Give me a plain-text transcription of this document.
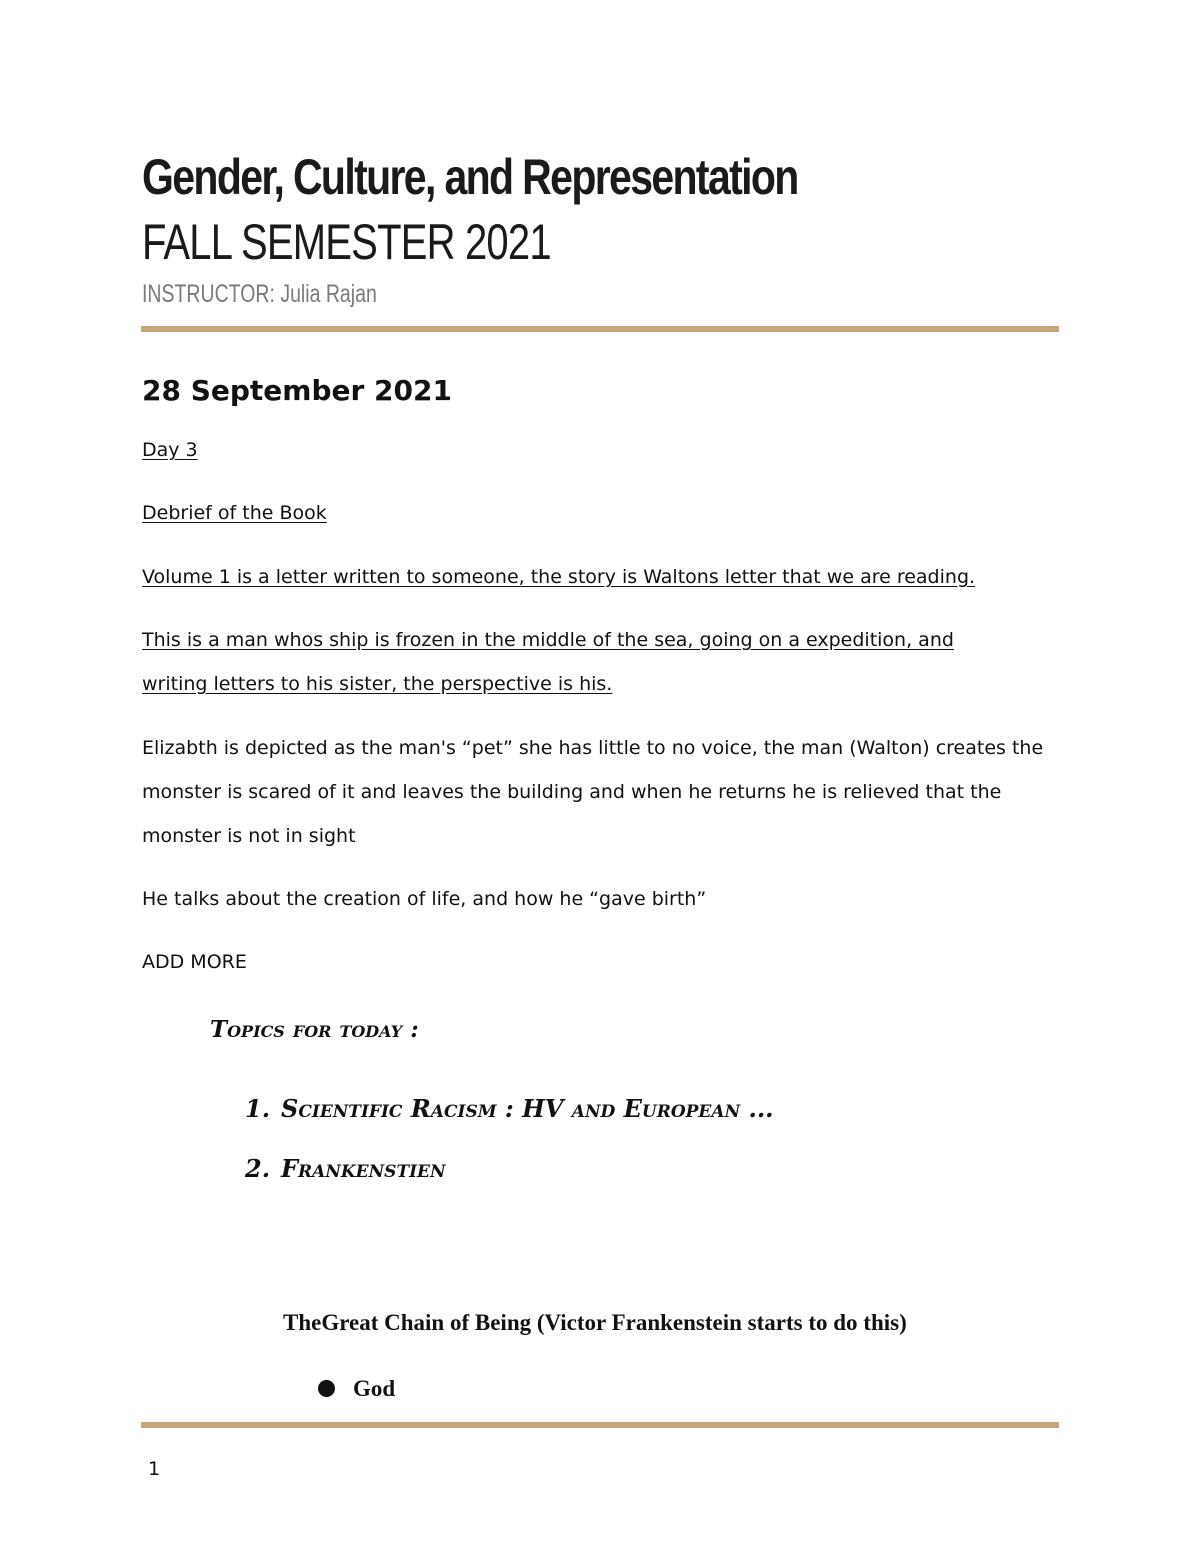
Gender, Culture, and Representation
FALL SEMESTER 2021
INSTRUCTOR: Julia Rajan
28 September 2021
Day 3
Debrief of the Book
Volume 1 is a letter written to someone, the story is Waltons letter that we are reading.
This is a man whos ship is frozen in the middle of the sea, going on a expedition, and writing letters to his sister, the perspective is his.
Elizabth is depicted as the man's “pet” she has little to no voice, the man (Walton) creates the monster is scared of it and leaves the building and when he returns he is relieved that the monster is not in sight
He talks about the creation of life, and how he “gave birth”
ADD MORE
Topics for today :
1. Scientific Racism : HV and European ...
2. Frankenstien
TheGreat Chain of Being (Victor Frankenstein starts to do this)
God
1
